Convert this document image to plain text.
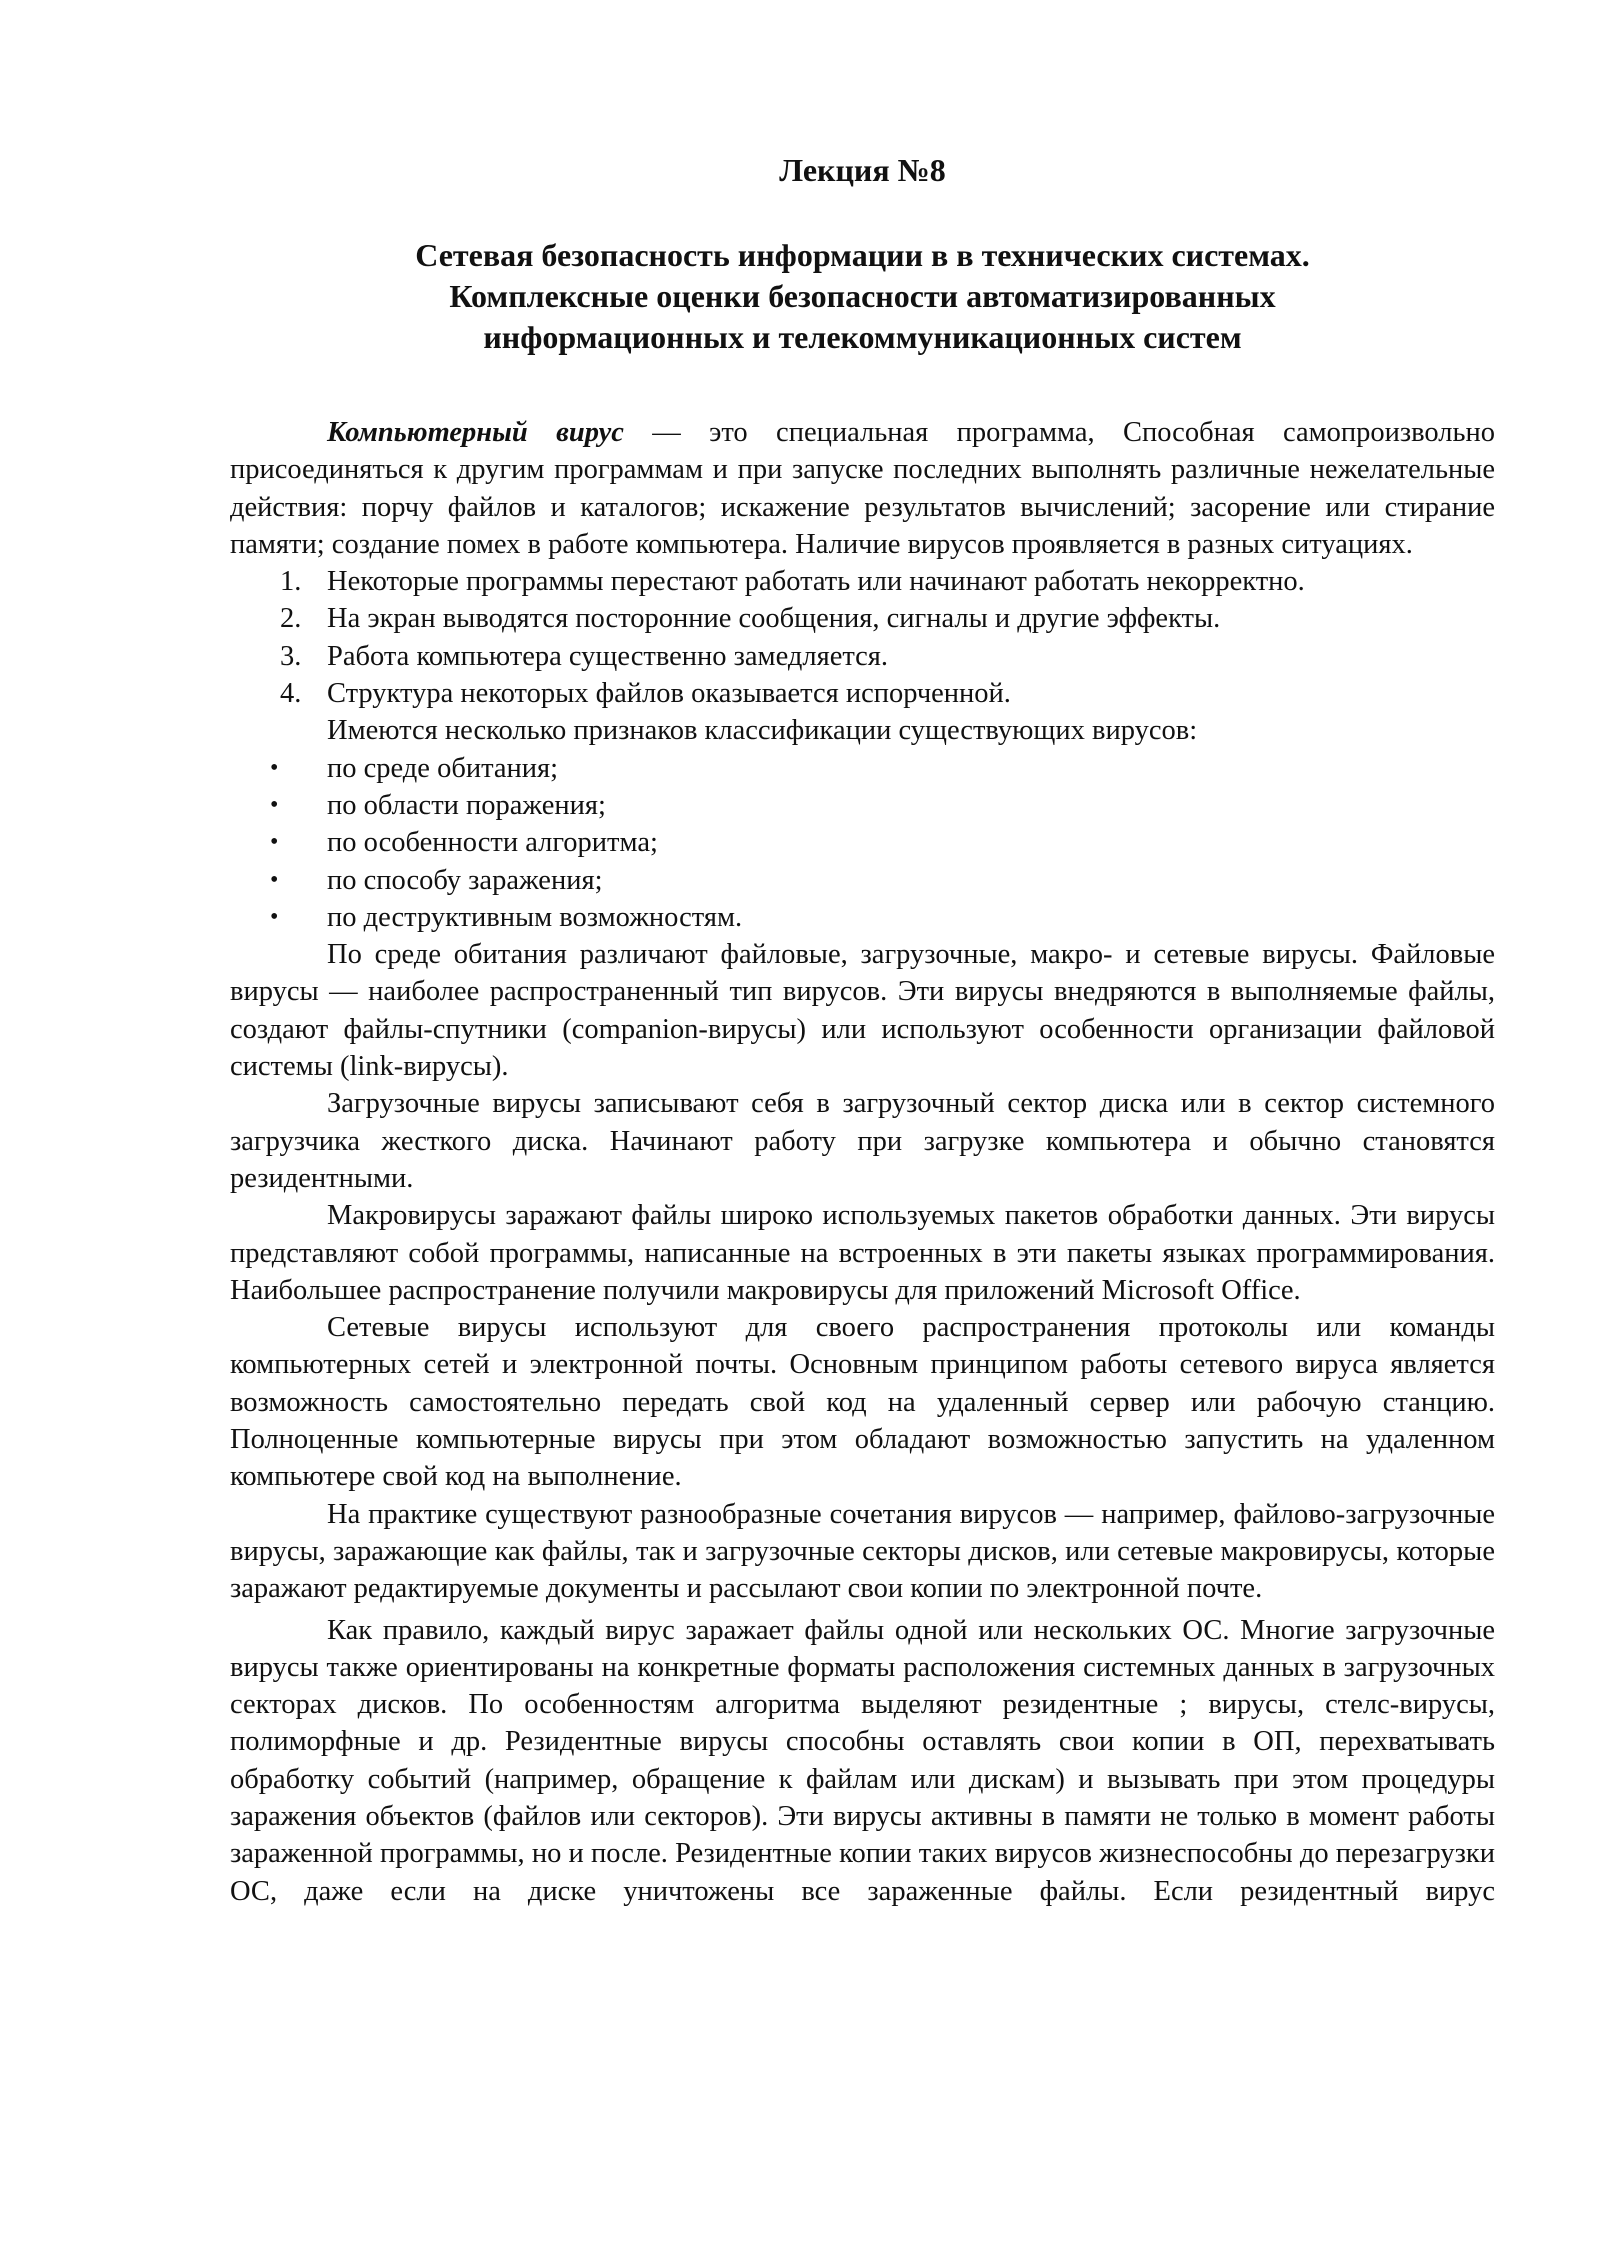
Лекция №8
Сетевая безопасность информации в в технических системах.
Комплексные оценки безопасности автоматизированных
информационных и телекоммуникационных систем

Компьютерный вирус — это специальная программа, Способная самопроизвольно присоединяться к другим программам и при запуске последних выполнять различные нежелательные действия: порчу файлов и каталогов; искажение результатов вычислений; засорение или стирание памяти; создание помех в работе компьютера. Наличие вирусов проявляется в разных ситуациях.

1. Некоторые программы перестают работать или начинают работать некорректно.
2. На экран выводятся посторонние сообщения, сигналы и другие эффекты.
3. Работа компьютера существенно замедляется.
4. Структура некоторых файлов оказывается испорченной.

Имеются несколько признаков классификации существующих вирусов:

• по среде обитания;
• по области поражения;
• по особенности алгоритма;
• по способу заражения;
• по деструктивным возможностям.

По среде обитания различают файловые, загрузочные, макро- и сетевые вирусы. Файловые вирусы — наиболее распространенный тип вирусов. Эти вирусы внедряются в выполняемые файлы, создают файлы-спутники (companion-вирусы) или используют особенности организации файловой системы (link-вирусы).

Загрузочные вирусы записывают себя в загрузочный сектор диска или в сектор системного загрузчика жесткого диска. Начинают работу при загрузке компьютера и обычно становятся резидентными.

Макровирусы заражают файлы широко используемых пакетов обработки данных. Эти вирусы представляют собой программы, написанные на встроенных в эти пакеты языках программирования. Наибольшее распространение получили макровирусы для приложений Microsoft Office.

Сетевые вирусы используют для своего распространения протоколы или команды компьютерных сетей и электронной почты. Основным принципом работы сетевого вируса является возможность самостоятельно передать свой код на удаленный сервер или рабочую станцию. Полноценные компьютерные вирусы при этом обладают возможностью запустить на удаленном компьютере свой код на выполнение.

На практике существуют разнообразные сочетания вирусов — например, файлово-загрузочные вирусы, заражающие как файлы, так и загрузочные секторы дисков, или сетевые макровирусы, которые заражают редактируемые документы и рассылают свои копии по электронной почте.

Как правило, каждый вирус заражает файлы одной или нескольких ОС. Многие загрузочные вирусы также ориентированы на конкретные форматы расположения системных данных в загрузочных секторах дисков. По особенностям алгоритма выделяют резидентные ; вирусы, стелс-вирусы, полиморфные и др. Резидентные вирусы способны оставлять свои копии в ОП, перехватывать обработку событий (например, обращение к файлам или дискам) и вызывать при этом процедуры заражения объектов (файлов или секторов). Эти вирусы активны в памяти не только в момент работы зараженной программы, но и после. Резидентные копии таких вирусов жизнеспособны до перезагрузки ОС, даже если на диске уничтожены все зараженные файлы. Если резидентный вирус
